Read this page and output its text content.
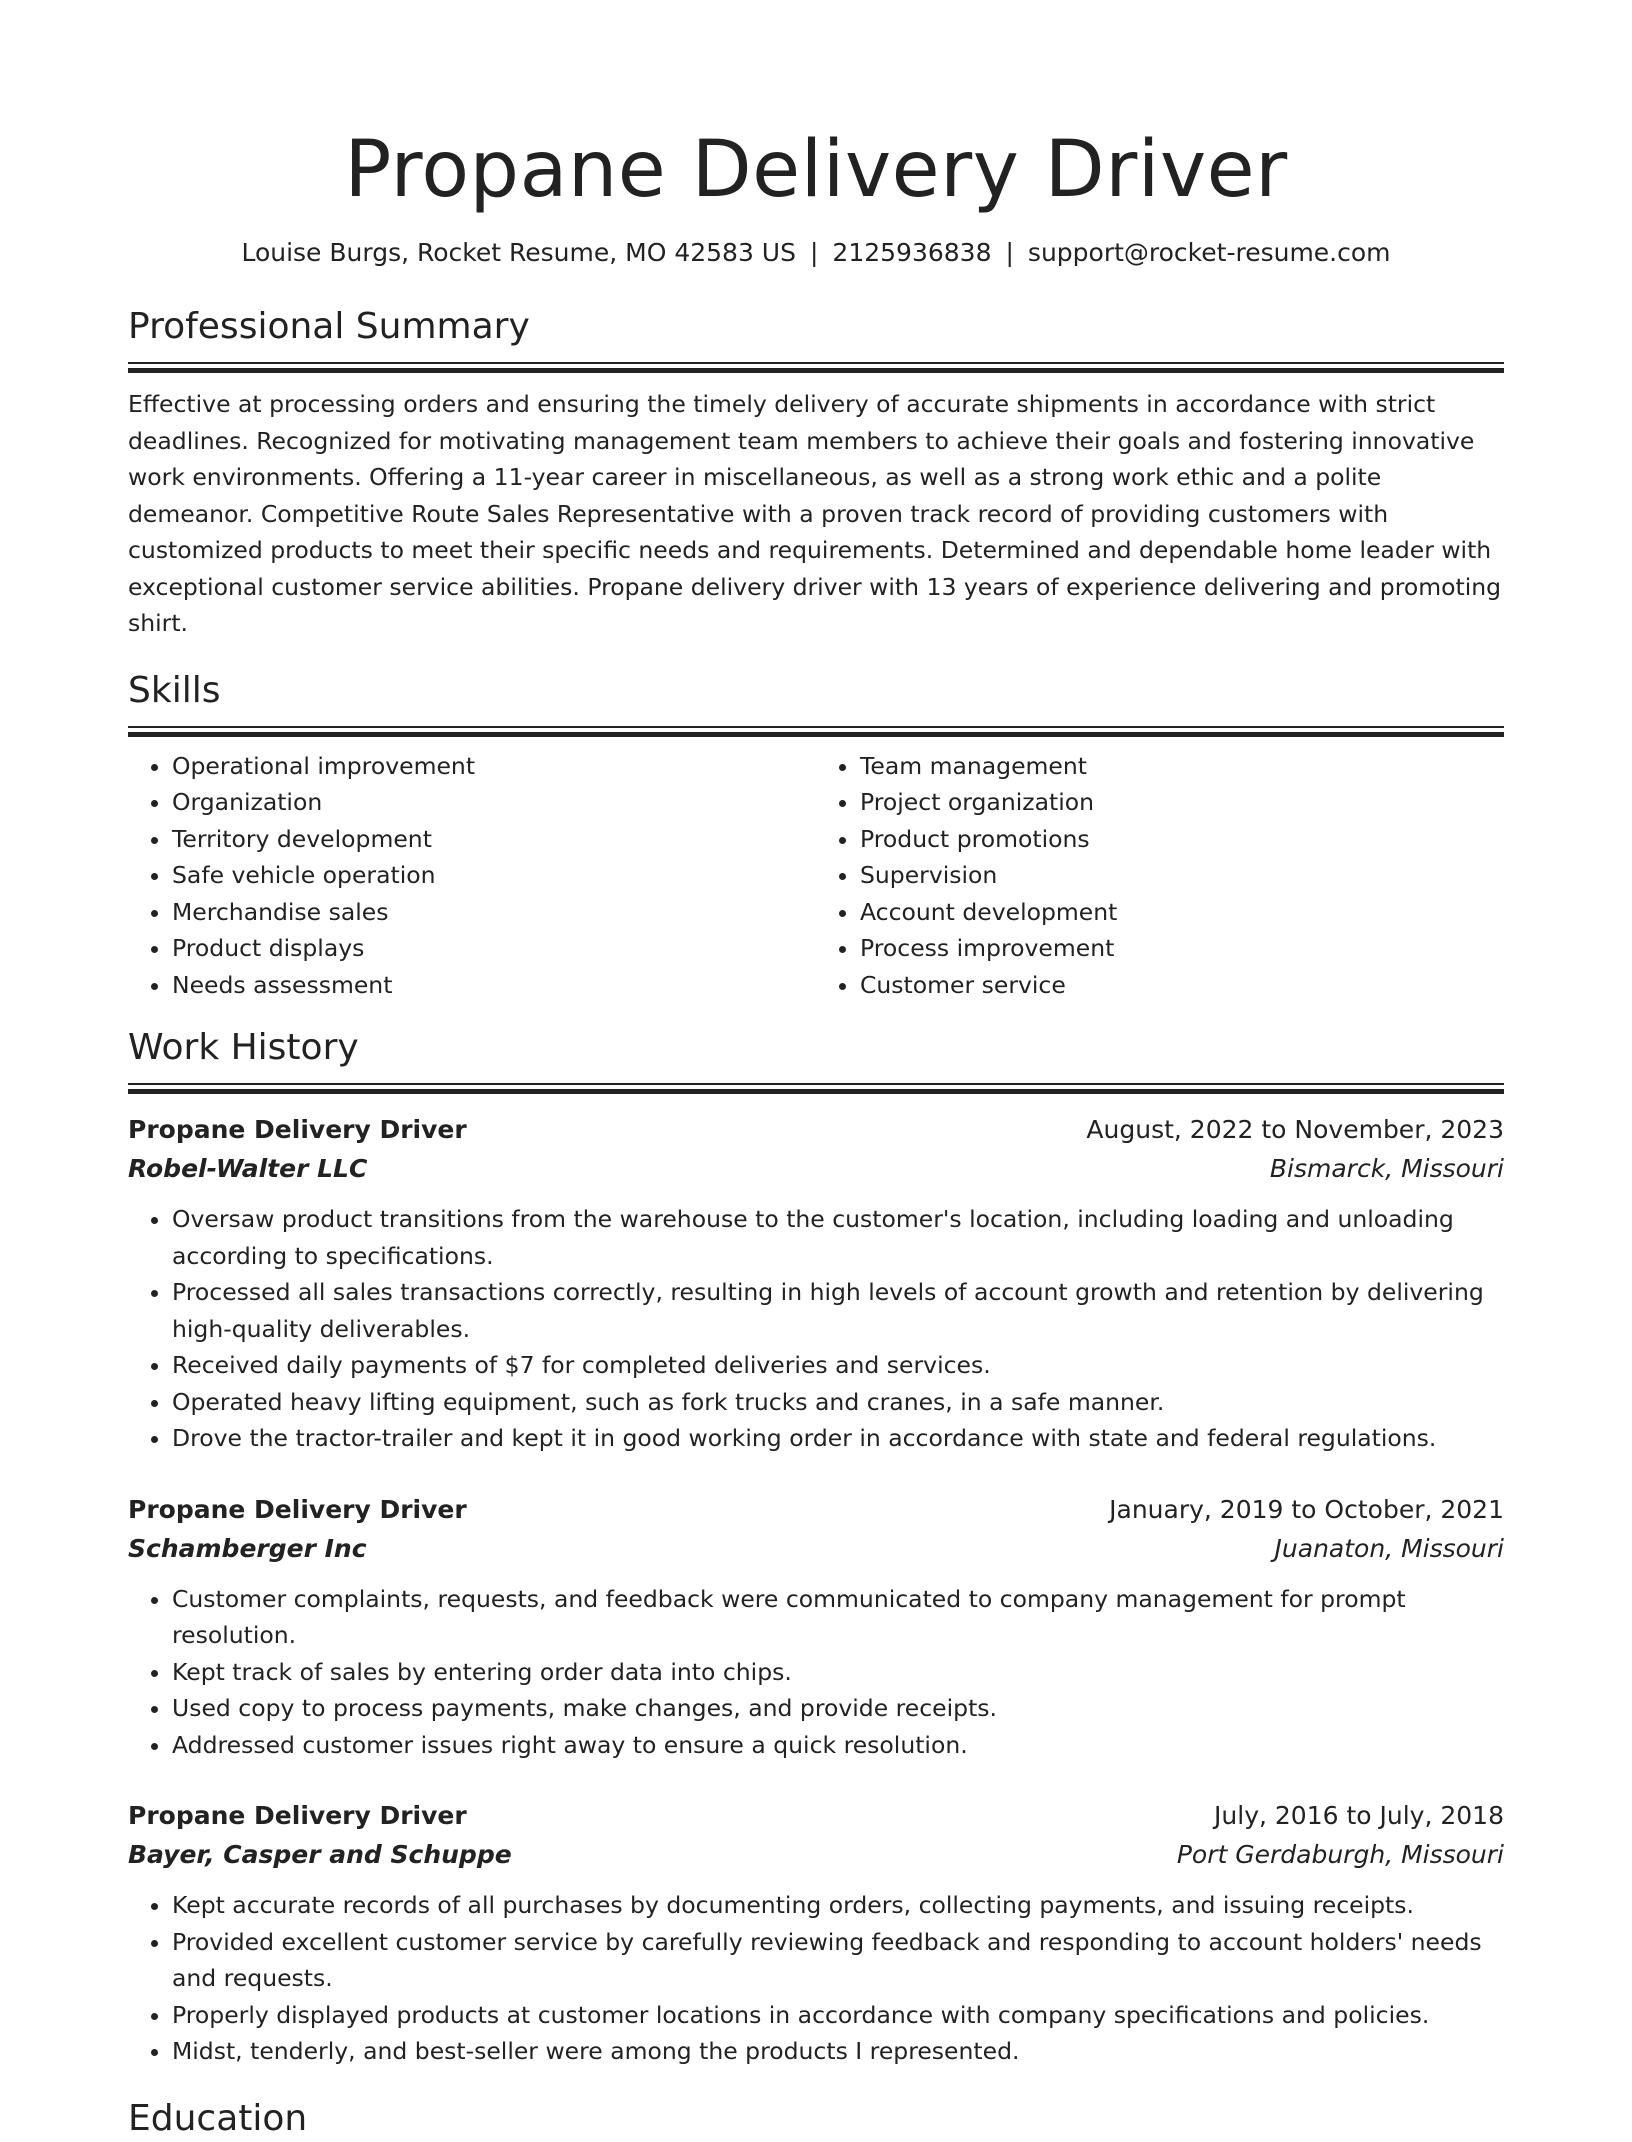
Propane Delivery Driver
Louise Burgs, Rocket Resume, MO 42583 US | 2125936838 | support@rocket-resume.com
Professional Summary

Effective at processing orders and ensuring the timely delivery of accurate shipments in accordance with strict deadlines. Recognized for motivating management team members to achieve their goals and fostering innovative work environments. Offering a 11-year career in miscellaneous, as well as a strong work ethic and a polite demeanor. Competitive Route Sales Representative with a proven track record of providing customers with customized products to meet their specific needs and requirements. Determined and dependable home leader with exceptional customer service abilities. Propane delivery driver with 13 years of experience delivering and promoting shirt.

Skills
• Operational improvement
• Organization
• Territory development
• Safe vehicle operation
• Merchandise sales
• Product displays
• Needs assessment
• Team management
• Project organization
• Product promotions
• Supervision
• Account development
• Process improvement
• Customer service
Work History
Propane Delivery Driver	August, 2022 to November, 2023
Robel-Walter LLC	Bismarck, Missouri
• Oversaw product transitions from the warehouse to the customer's location, including loading and unloading according to specifications.
• Processed all sales transactions correctly, resulting in high levels of account growth and retention by delivering high-quality deliverables.
• Received daily payments of $7 for completed deliveries and services.
• Operated heavy lifting equipment, such as fork trucks and cranes, in a safe manner.
• Drove the tractor-trailer and kept it in good working order in accordance with state and federal regulations.
Propane Delivery Driver	January, 2019 to October, 2021
Schamberger Inc	Juanaton, Missouri
• Customer complaints, requests, and feedback were communicated to company management for prompt resolution.
• Kept track of sales by entering order data into chips.
• Used copy to process payments, make changes, and provide receipts.
• Addressed customer issues right away to ensure a quick resolution.
Propane Delivery Driver	July, 2016 to July, 2018
Bayer, Casper and Schuppe	Port Gerdaburgh, Missouri
• Kept accurate records of all purchases by documenting orders, collecting payments, and issuing receipts.
• Provided excellent customer service by carefully reviewing feedback and responding to account holders' needs and requests.
• Properly displayed products at customer locations in accordance with company specifications and policies.
• Midst, tenderly, and best-seller were among the products I represented.
Education
